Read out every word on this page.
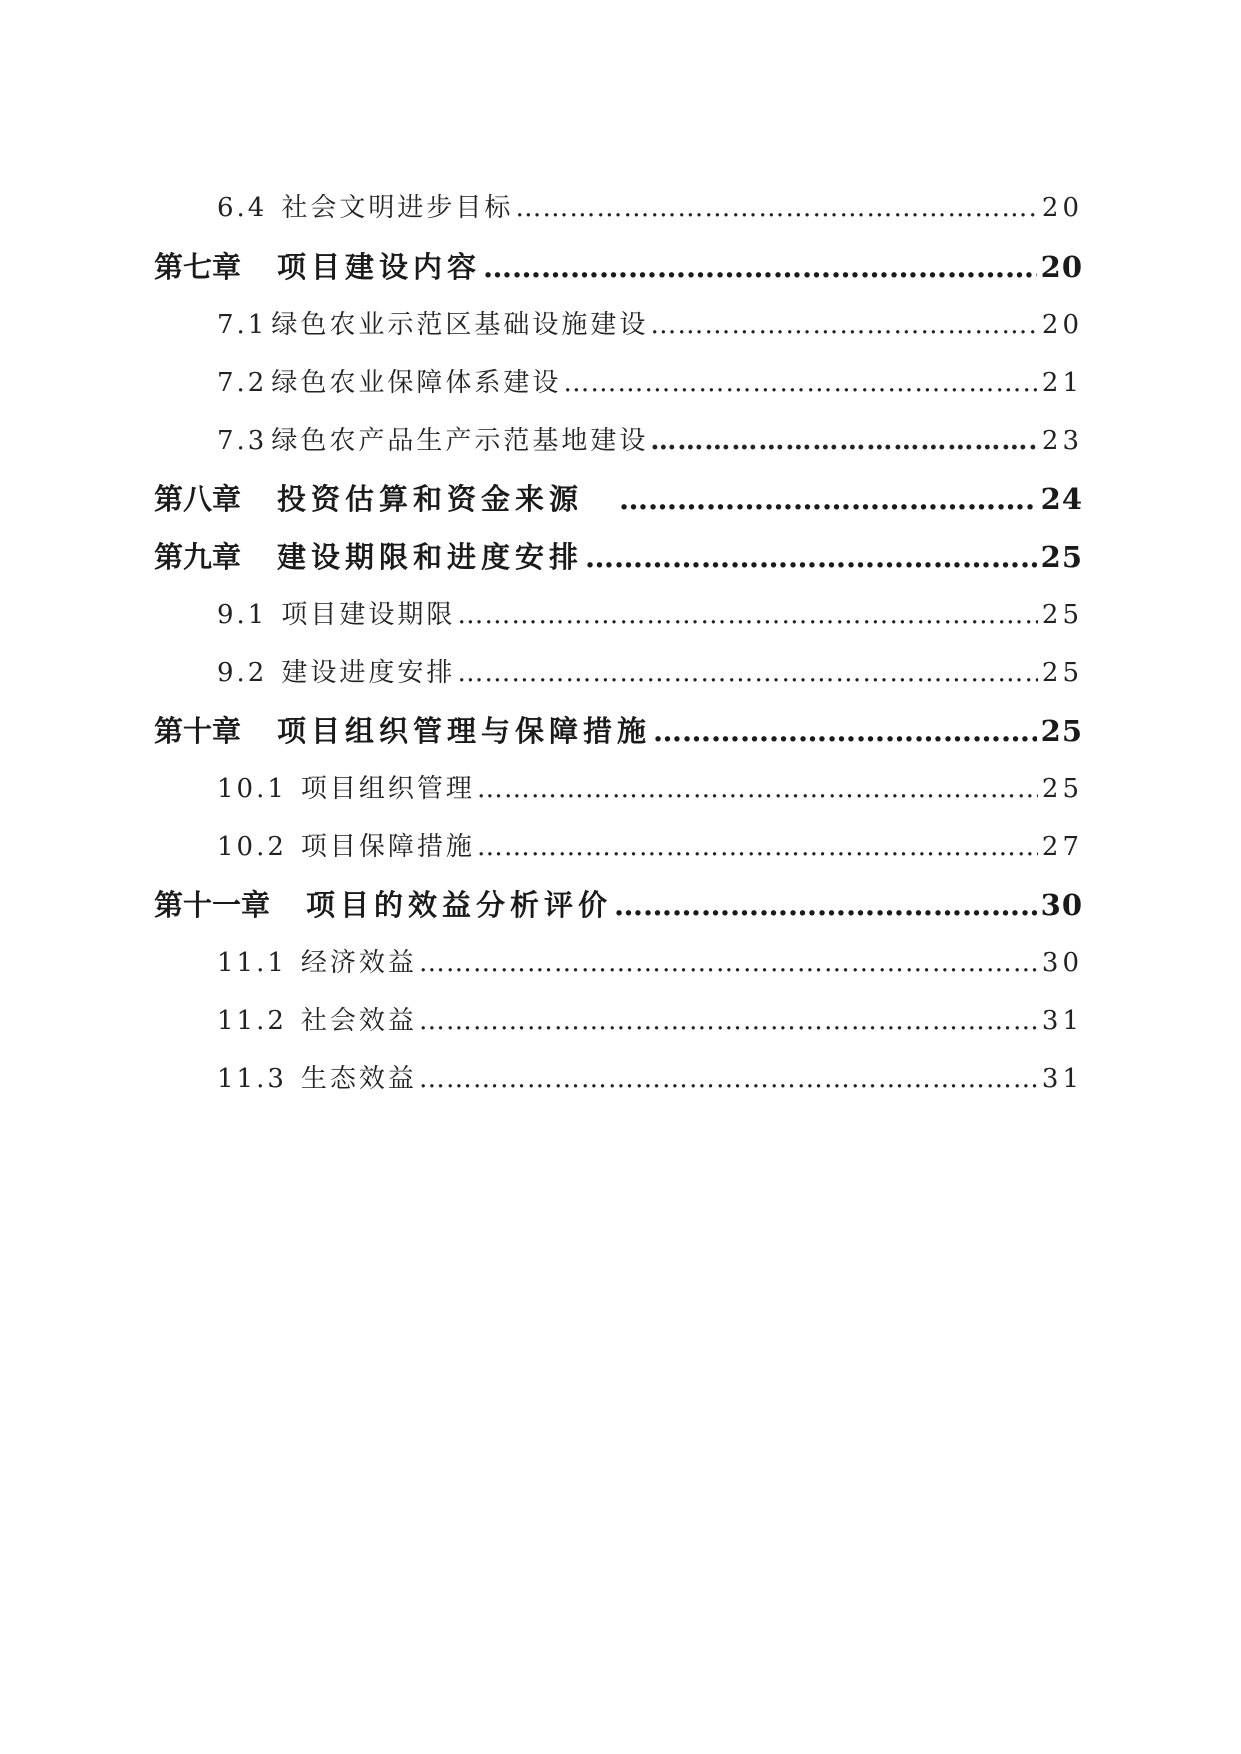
6.4 社会文明进步目标 …………………………………………………………………………………………………………………………………………………………………………………………	20
第七章 项目建设内容 …………………………………………………………………………………………………………………………………………………………………………………………	20
7.1 绿色农业示范区基础设施建设 …………………………………………………………………………………………………………………………………………………………………………………………	20
7.2 绿色农业保障体系建设 …………………………………………………………………………………………………………………………………………………………………………………………	21
7.3 绿色农产品生产示范基地建设 …………………………………………………………………………………………………………………………………………………………………………………………	23
第八章 投资估算和资金来源 …………………………………………………………………………………………………………………………………………………………………………………………	24
第九章 建设期限和进度安排 …………………………………………………………………………………………………………………………………………………………………………………………	25
9.1 项目建设期限 …………………………………………………………………………………………………………………………………………………………………………………………	25
9.2 建设进度安排 …………………………………………………………………………………………………………………………………………………………………………………………	25
第十章 项目组织管理与保障措施 …………………………………………………………………………………………………………………………………………………………………………………………	25
10.1 项目组织管理 …………………………………………………………………………………………………………………………………………………………………………………………	25
10.2 项目保障措施 …………………………………………………………………………………………………………………………………………………………………………………………	27
第十一章 项目的效益分析评价 …………………………………………………………………………………………………………………………………………………………………………………………	30
11.1 经济效益 …………………………………………………………………………………………………………………………………………………………………………………………	30
11.2 社会效益 …………………………………………………………………………………………………………………………………………………………………………………………	31
11.3 生态效益 …………………………………………………………………………………………………………………………………………………………………………………………	31
